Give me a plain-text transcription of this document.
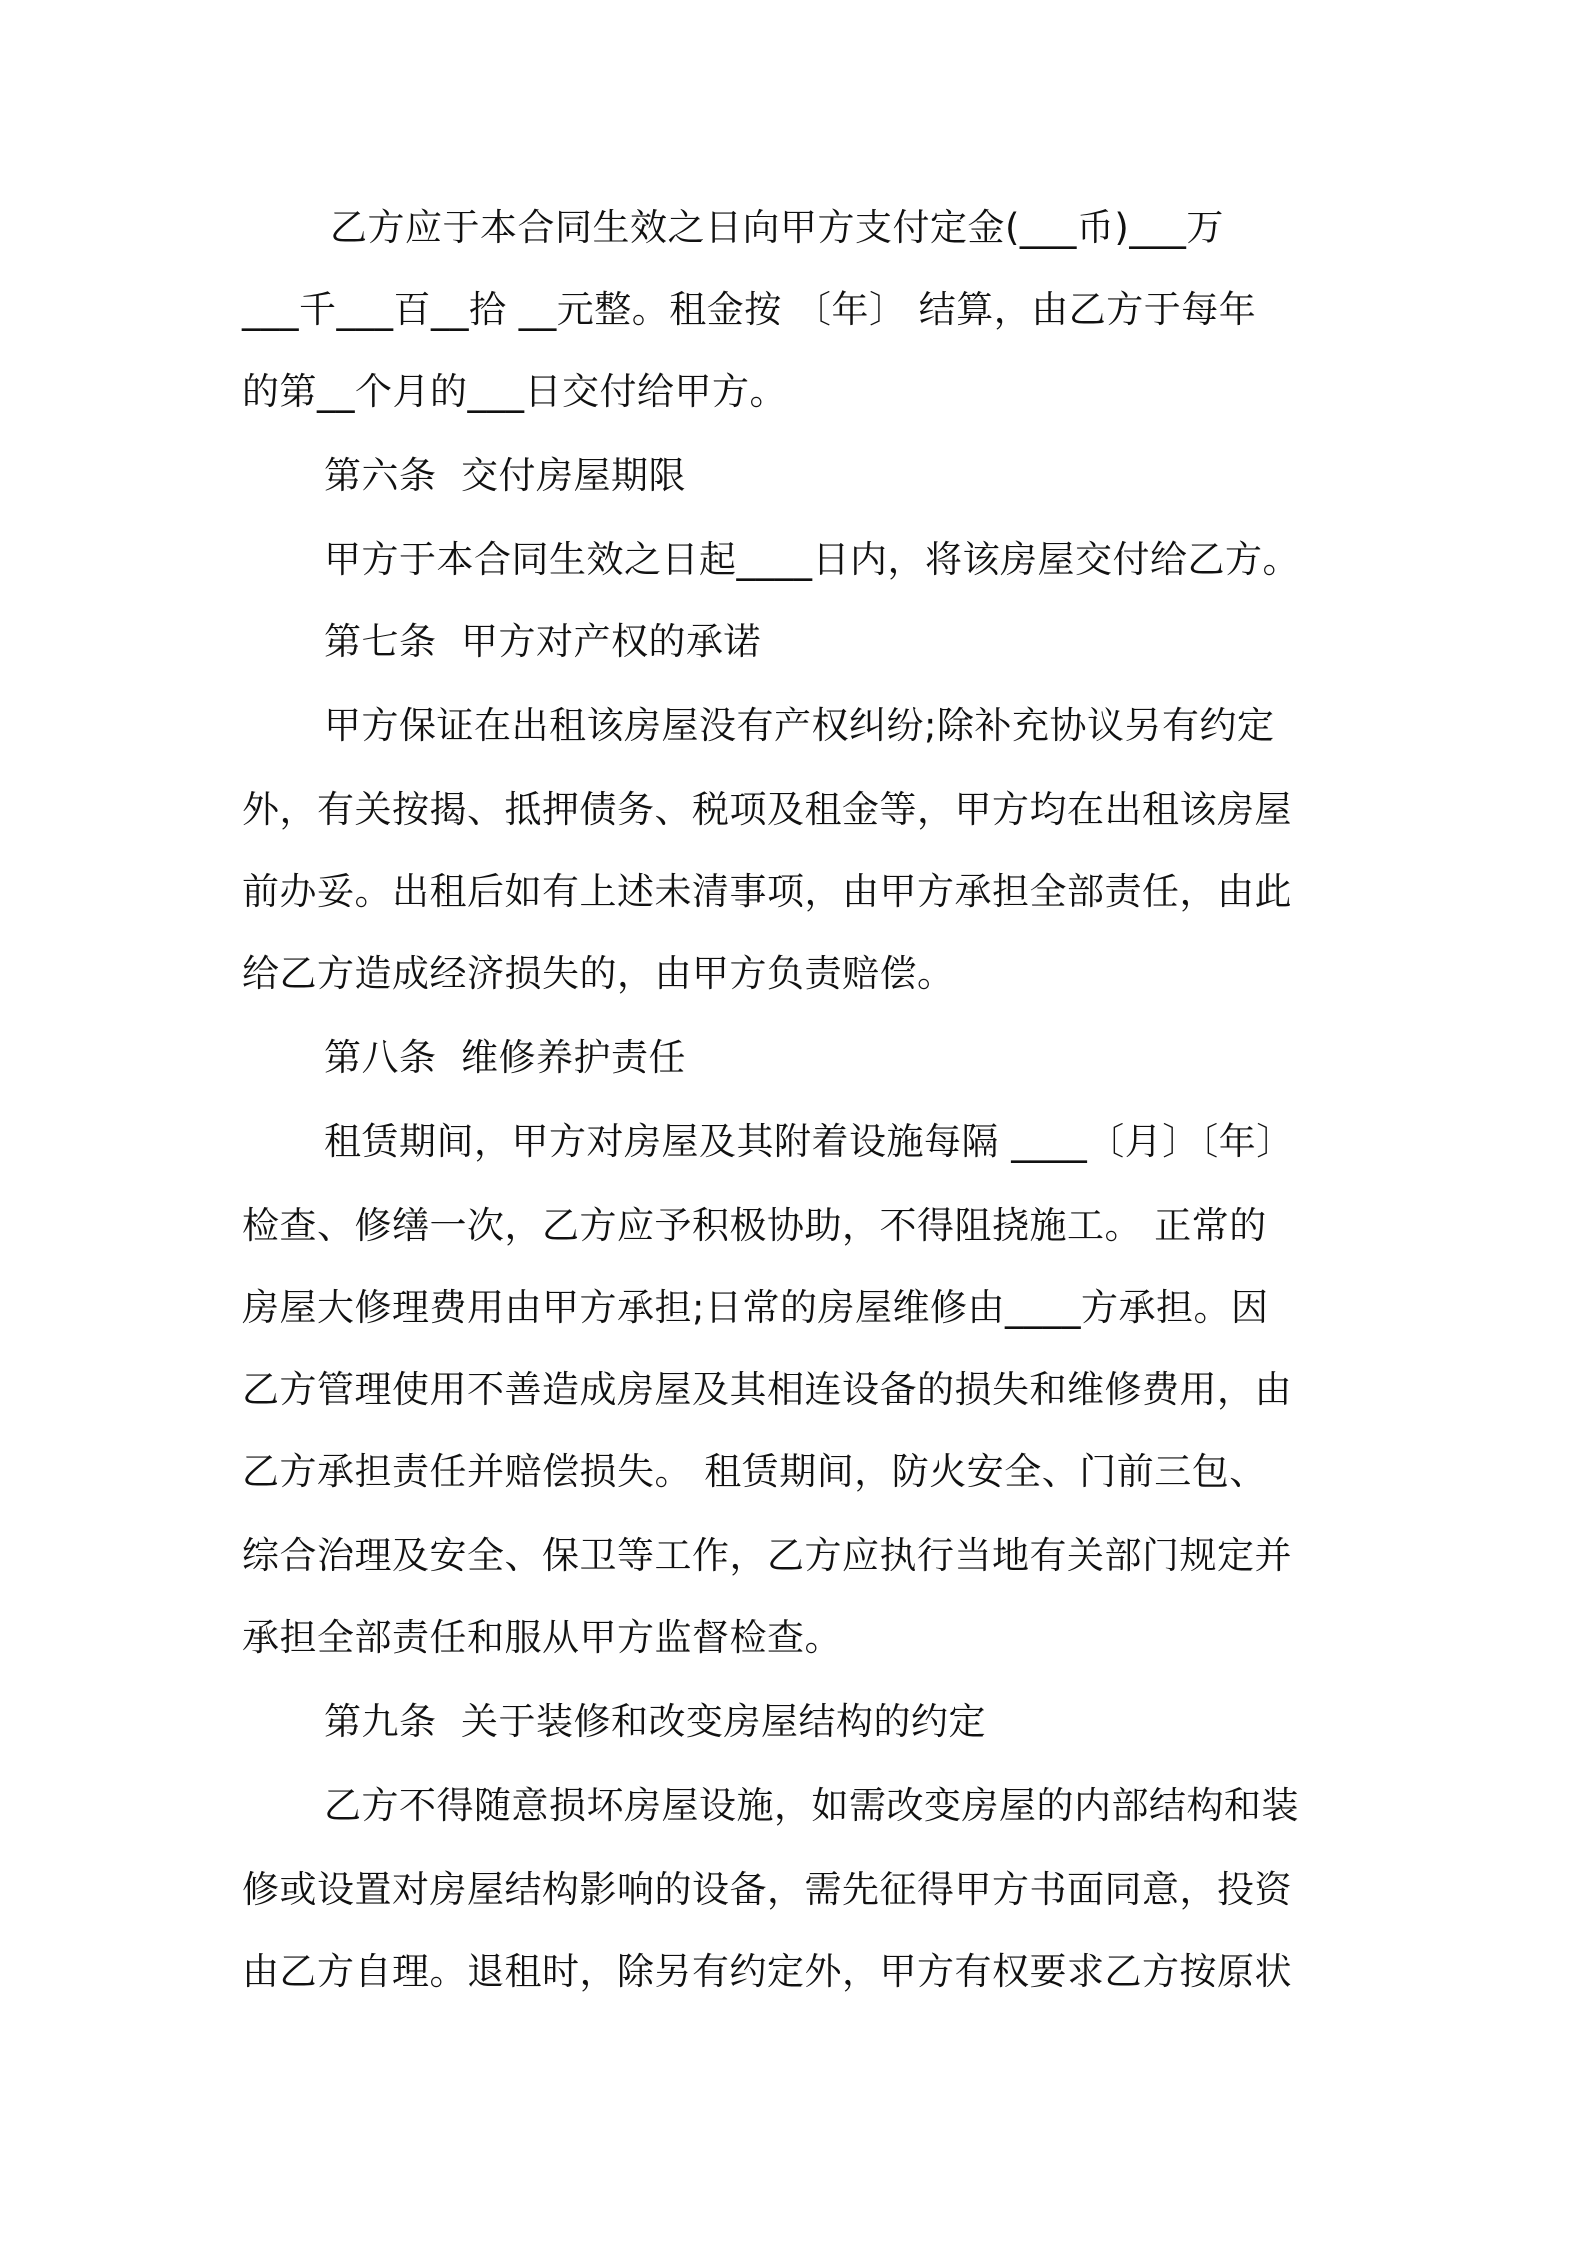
乙方应于本合同生效之日向甲方支付定金(___币)___万
___千___百__拾 __元整。租金按 〔年〕 结算，由乙方于每年
的第__个月的___日交付给甲方。
第六条  交付房屋期限
甲方于本合同生效之日起____日内，将该房屋交付给乙方。
第七条  甲方对产权的承诺
甲方保证在出租该房屋没有产权纠纷;除补充协议另有约定
外，有关按揭、抵押债务、税项及租金等，甲方均在出租该房屋
前办妥。出租后如有上述未清事项，由甲方承担全部责任，由此
给乙方造成经济损失的，由甲方负责赔偿。
第八条  维修养护责任
租赁期间，甲方对房屋及其附着设施每隔 ____〔月〕〔年〕
检查、修缮一次，乙方应予积极协助，不得阻挠施工。 正常的
房屋大修理费用由甲方承担;日常的房屋维修由____方承担。因
乙方管理使用不善造成房屋及其相连设备的损失和维修费用，由
乙方承担责任并赔偿损失。 租赁期间，防火安全、门前三包、
综合治理及安全、保卫等工作，乙方应执行当地有关部门规定并
承担全部责任和服从甲方监督检查。
第九条  关于装修和改变房屋结构的约定
乙方不得随意损坏房屋设施，如需改变房屋的内部结构和装
修或设置对房屋结构影响的设备，需先征得甲方书面同意，投资
由乙方自理。退租时，除另有约定外，甲方有权要求乙方按原状
